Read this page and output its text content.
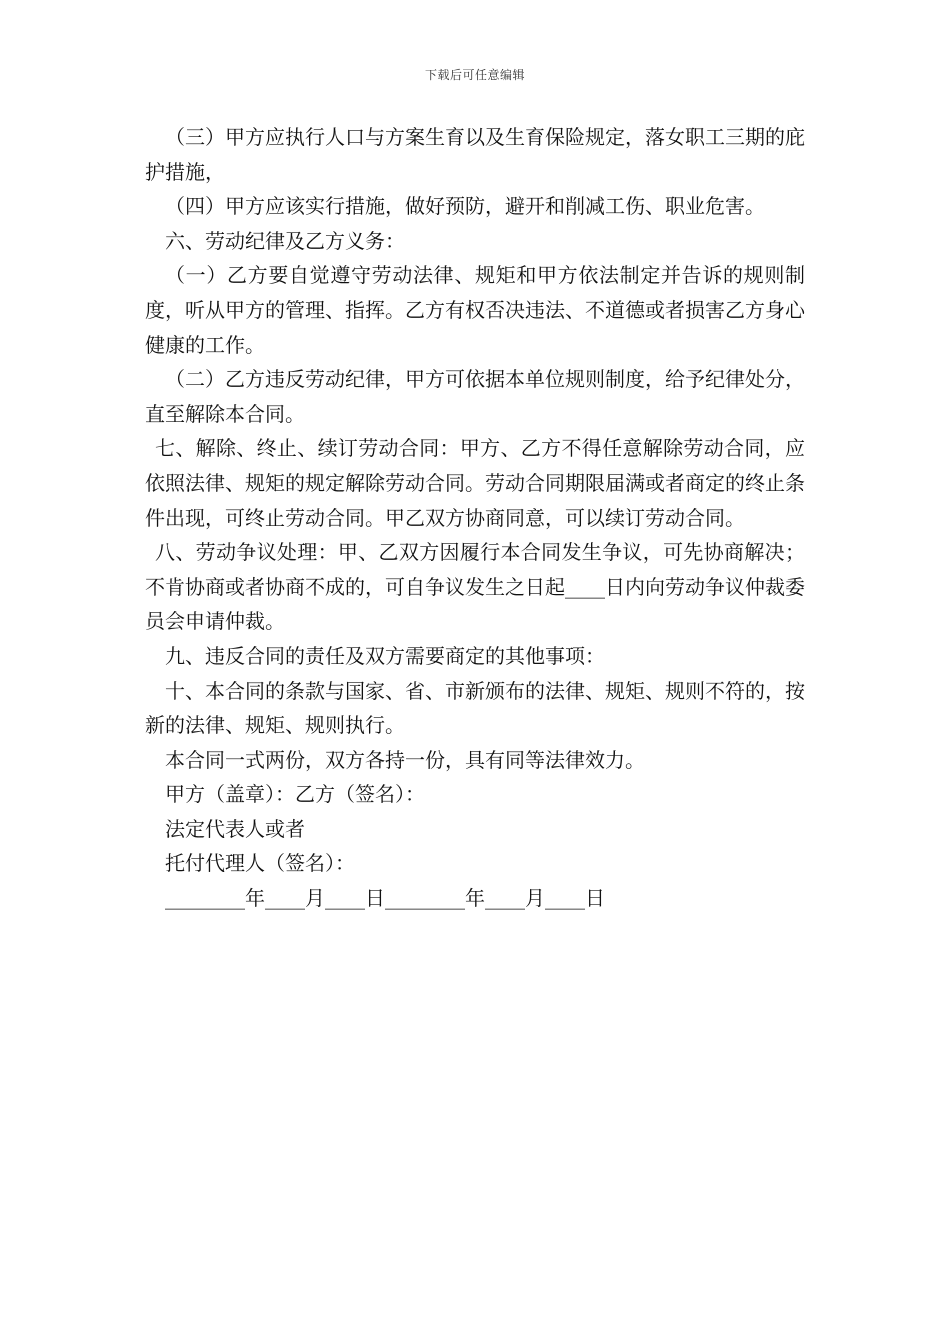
下载后可任意编辑

（三）甲方应执行人口与方案生育以及生育保险规定，落女职工三期的庇护措施，

（四）甲方应该实行措施，做好预防，避开和削减工伤、职业危害。

六、劳动纪律及乙方义务：

（一）乙方要自觉遵守劳动法律、规矩和甲方依法制定并告诉的规则制度，听从甲方的管理、指挥。乙方有权否决违法、不道德或者损害乙方身心健康的工作。

（二）乙方违反劳动纪律，甲方可依据本单位规则制度，给予纪律处分，直至解除本合同。

七、解除、终止、续订劳动合同：甲方、乙方不得任意解除劳动合同，应依照法律、规矩的规定解除劳动合同。劳动合同期限届满或者商定的终止条件出现，可终止劳动合同。甲乙双方协商同意，可以续订劳动合同。

八、劳动争议处理：甲、乙双方因履行本合同发生争议，可先协商解决；不肯协商或者协商不成的，可自争议发生之日起____日内向劳动争议仲裁委员会申请仲裁。

九、违反合同的责任及双方需要商定的其他事项：

十、本合同的条款与国家、省、市新颁布的法律、规矩、规则不符的，按新的法律、规矩、规则执行。

本合同一式两份，双方各持一份，具有同等法律效力。

甲方（盖章）：乙方（签名）：

法定代表人或者

托付代理人（签名）：

________年____月____日________年____月____日
